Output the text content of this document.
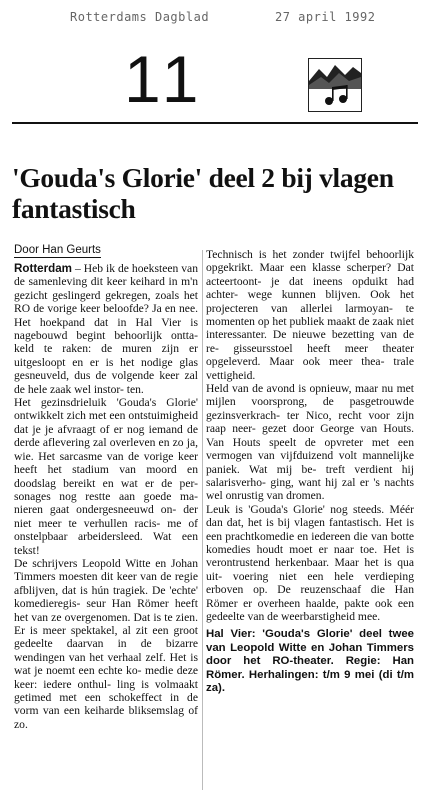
Rotterdams Dagblad	27 april 1992
11
'Gouda's Glorie' deel 2 bij vlagen fantastisch
Door Han Geurts

Rotterdam – Heb ik de hoeksteen van de samenleving dit keer keihard in m'n gezicht geslingerd gekregen, zoals het RO de vorige keer beloofde? Ja en nee. Het hoekpand dat in Hal Vier is nagebouwd begint behoorlijk ontta- keld te raken: de muren zijn er uitgesloopt en er is het nodige glas gesneuveld, dus de volgende keer zal de hele zaak wel instor- ten.

Het gezinsdrieluik 'Gouda's Glorie' ontwikkelt zich met een ontstuimigheid dat je je afvraagt of er nog iemand de derde aflevering zal overleven en zo ja, wie. Het sarcasme van de vorige keer heeft het stadium van moord en doodslag bereikt en wat er de per- sonages nog restte aan goede ma- nieren gaat ondergesneeuwd on- der niet meer te verhullen racis- me of onstelpbaar arbeidersleed. Wat een tekst!

De schrijvers Leopold Witte en Johan Timmers moesten dit keer van de regie afblijven, dat is hún tragiek. De 'echte' komedieregis- seur Han Römer heeft het van ze overgenomen. Dat is te zien. Er is meer spektakel, al zit een groot gedeelte daarvan in de bizarre wendingen van het verhaal zelf. Het is wat je noemt een echte ko- medie deze keer: iedere onthul- ling is volmaakt getimed met een schokeffect in de vorm van een keiharde bliksemslag of zo.

Technisch is het zonder twijfel behoorlijk opgekrikt. Maar een klasse scherper? Dat acteertoont- je dat ineens opduikt had achter- wege kunnen blijven. Ook het projecteren van allerlei larmoyan- te momenten op het publiek maakt de zaak niet interessanter. De nieuwe bezetting van de re- gisseursstoel heeft meer theater opgeleverd. Maar ook meer thea- trale vettigheid.

Held van de avond is opnieuw, maar nu met mijlen voorsprong, de pasgetrouwde gezinsverkrach- ter Nico, recht voor zijn raap neer- gezet door George van Houts. Van Houts speelt de opvreter met een vermogen van vijfduizend volt mannelijke paniek. Wat mij be- treft verdient hij salarisverho- ging, want hij zal er 's nachts wel onrustig van dromen.

Leuk is 'Gouda's Glorie' nog steeds. Méér dan dat, het is bij vlagen fantastisch. Het is een prachtkomedie en iedereen die van botte komedies houdt moet er naar toe. Het is verontrustend herkenbaar. Maar het is qua uit- voering niet een hele verdieping erboven op. De reuzenschaaf die Han Römer er overheen haalde, pakte ook een gedeelte van de weerbarstigheid mee.

Hal Vier: 'Gouda's Glorie' deel twee van Leopold Witte en Johan Timmers door het RO-theater. Regie: Han Römer. Herhalingen: t/m 9 mei (di t/m za).
